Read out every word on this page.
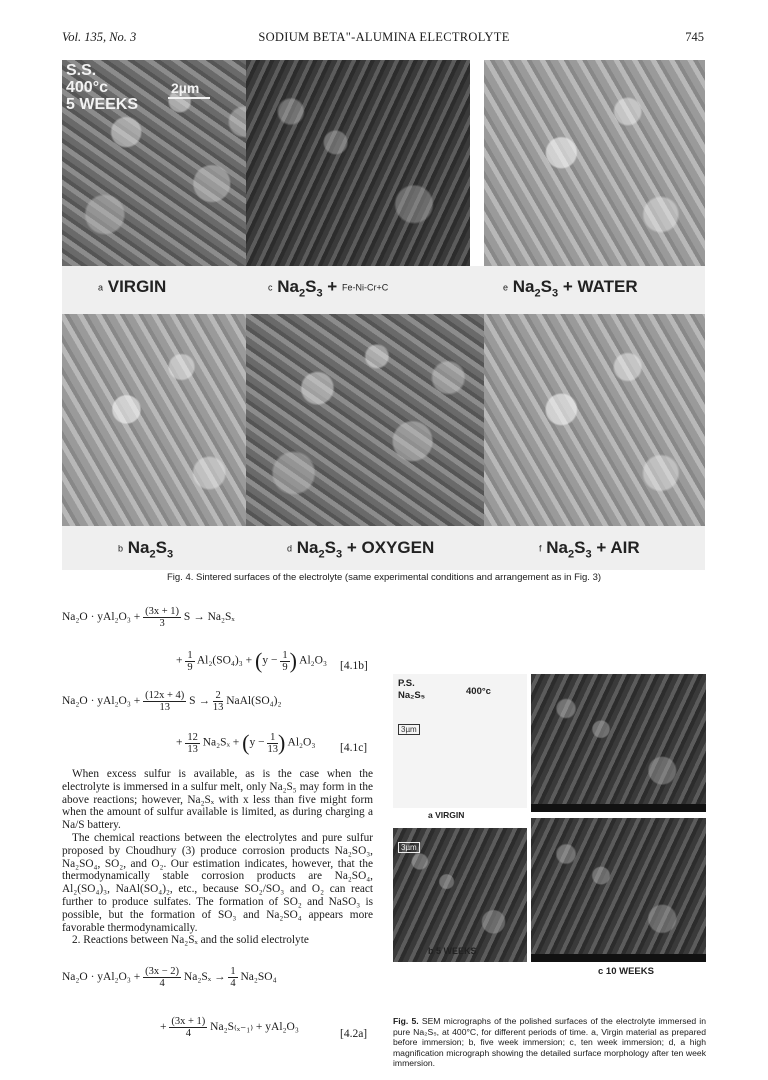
Vol. 135, No. 3	SODIUM BETA"-ALUMINA ELECTROLYTE	745
S.S.
400°c
5 WEEKS
2µm
a VIRGIN	c $Na_2S_3 + Fe-Ni-Cr+C$	e $Na_2S_3$ + WATER
b $Na_2S_3$	d $Na_2S_3$ + OXYGEN	f $Na_2S_3$ + AIR
Fig. 4. Sintered surfaces of the electrolyte (same experimental conditions and arrangement as in Fig. 3)
$Na_2O \cdot yAl_2O_3 + \frac{(3x + 1)}{3}$ S → Na₂Sₓ
+ $\frac{1}{9} Al_2(SO_4)_3 + (y - \frac{1}{9}$ ) Al₂O₃ [4.1b]
$Na_2O \cdot yAl_2O_3 + \frac{(12x + 4)}{13}$ $S \to \frac{2}{13}$ NaAl(SO₄)₂
+ $\frac{12}{13} Na_2S_x + (y - \frac{1}{13}$ ) Al₂O₃ [4.1c]

When excess sulfur is available, as is the case when the electrolyte is immersed in a sulfur melt, only Na₂S₅ may form in the above reactions; however, Na₂Sₓ with x less than five might form when the amount of sulfur available is limited, as during charging a Na/S battery.

The chemical reactions between the electrolytes and pure sulfur proposed by Choudhury (3) produce corrosion products Na₂SO₃, Na₂SO₄, SO₂, and O₂. Our estimation indicates, however, that the thermodynamically stable corrosion products are Na₂SO₄, Al₂(SO₄)₃, NaAl(SO₄)₂, etc., because SO₂/SO₃ and O₂ can react further to produce sulfates. The formation of SO₂ and NaSO₃ is possible, but the formation of SO₃ and Na₂SO₄ appears more favorable thermodynamically.

2. Reactions between Na₂Sₓ and the solid electrolyte

$Na_2O \cdot yAl_2O_3 + \frac{(3x - 2)}{4} Na_2S_x \to \frac{1}{4} Na_2SO_4$
+ $\frac{(3x + 1)}{4} Na_2S_{(x-1)} + yAl_2O_3$
[4.2a]
P.S.
Na₂S₅	400°c
3µm
a VIRGIN
3µm
b 5 WEEKS
c 10 WEEKS
Fig. 5. SEM micrographs of the polished surfaces of the electrolyte immersed in pure Na₂S₅, at 400°C, for different periods of time. a, Virgin material as prepared before immersion; b, five week immersion; c, ten week immersion; d, a high magnification micrograph showing the detailed surface morphology after ten week immersion.
